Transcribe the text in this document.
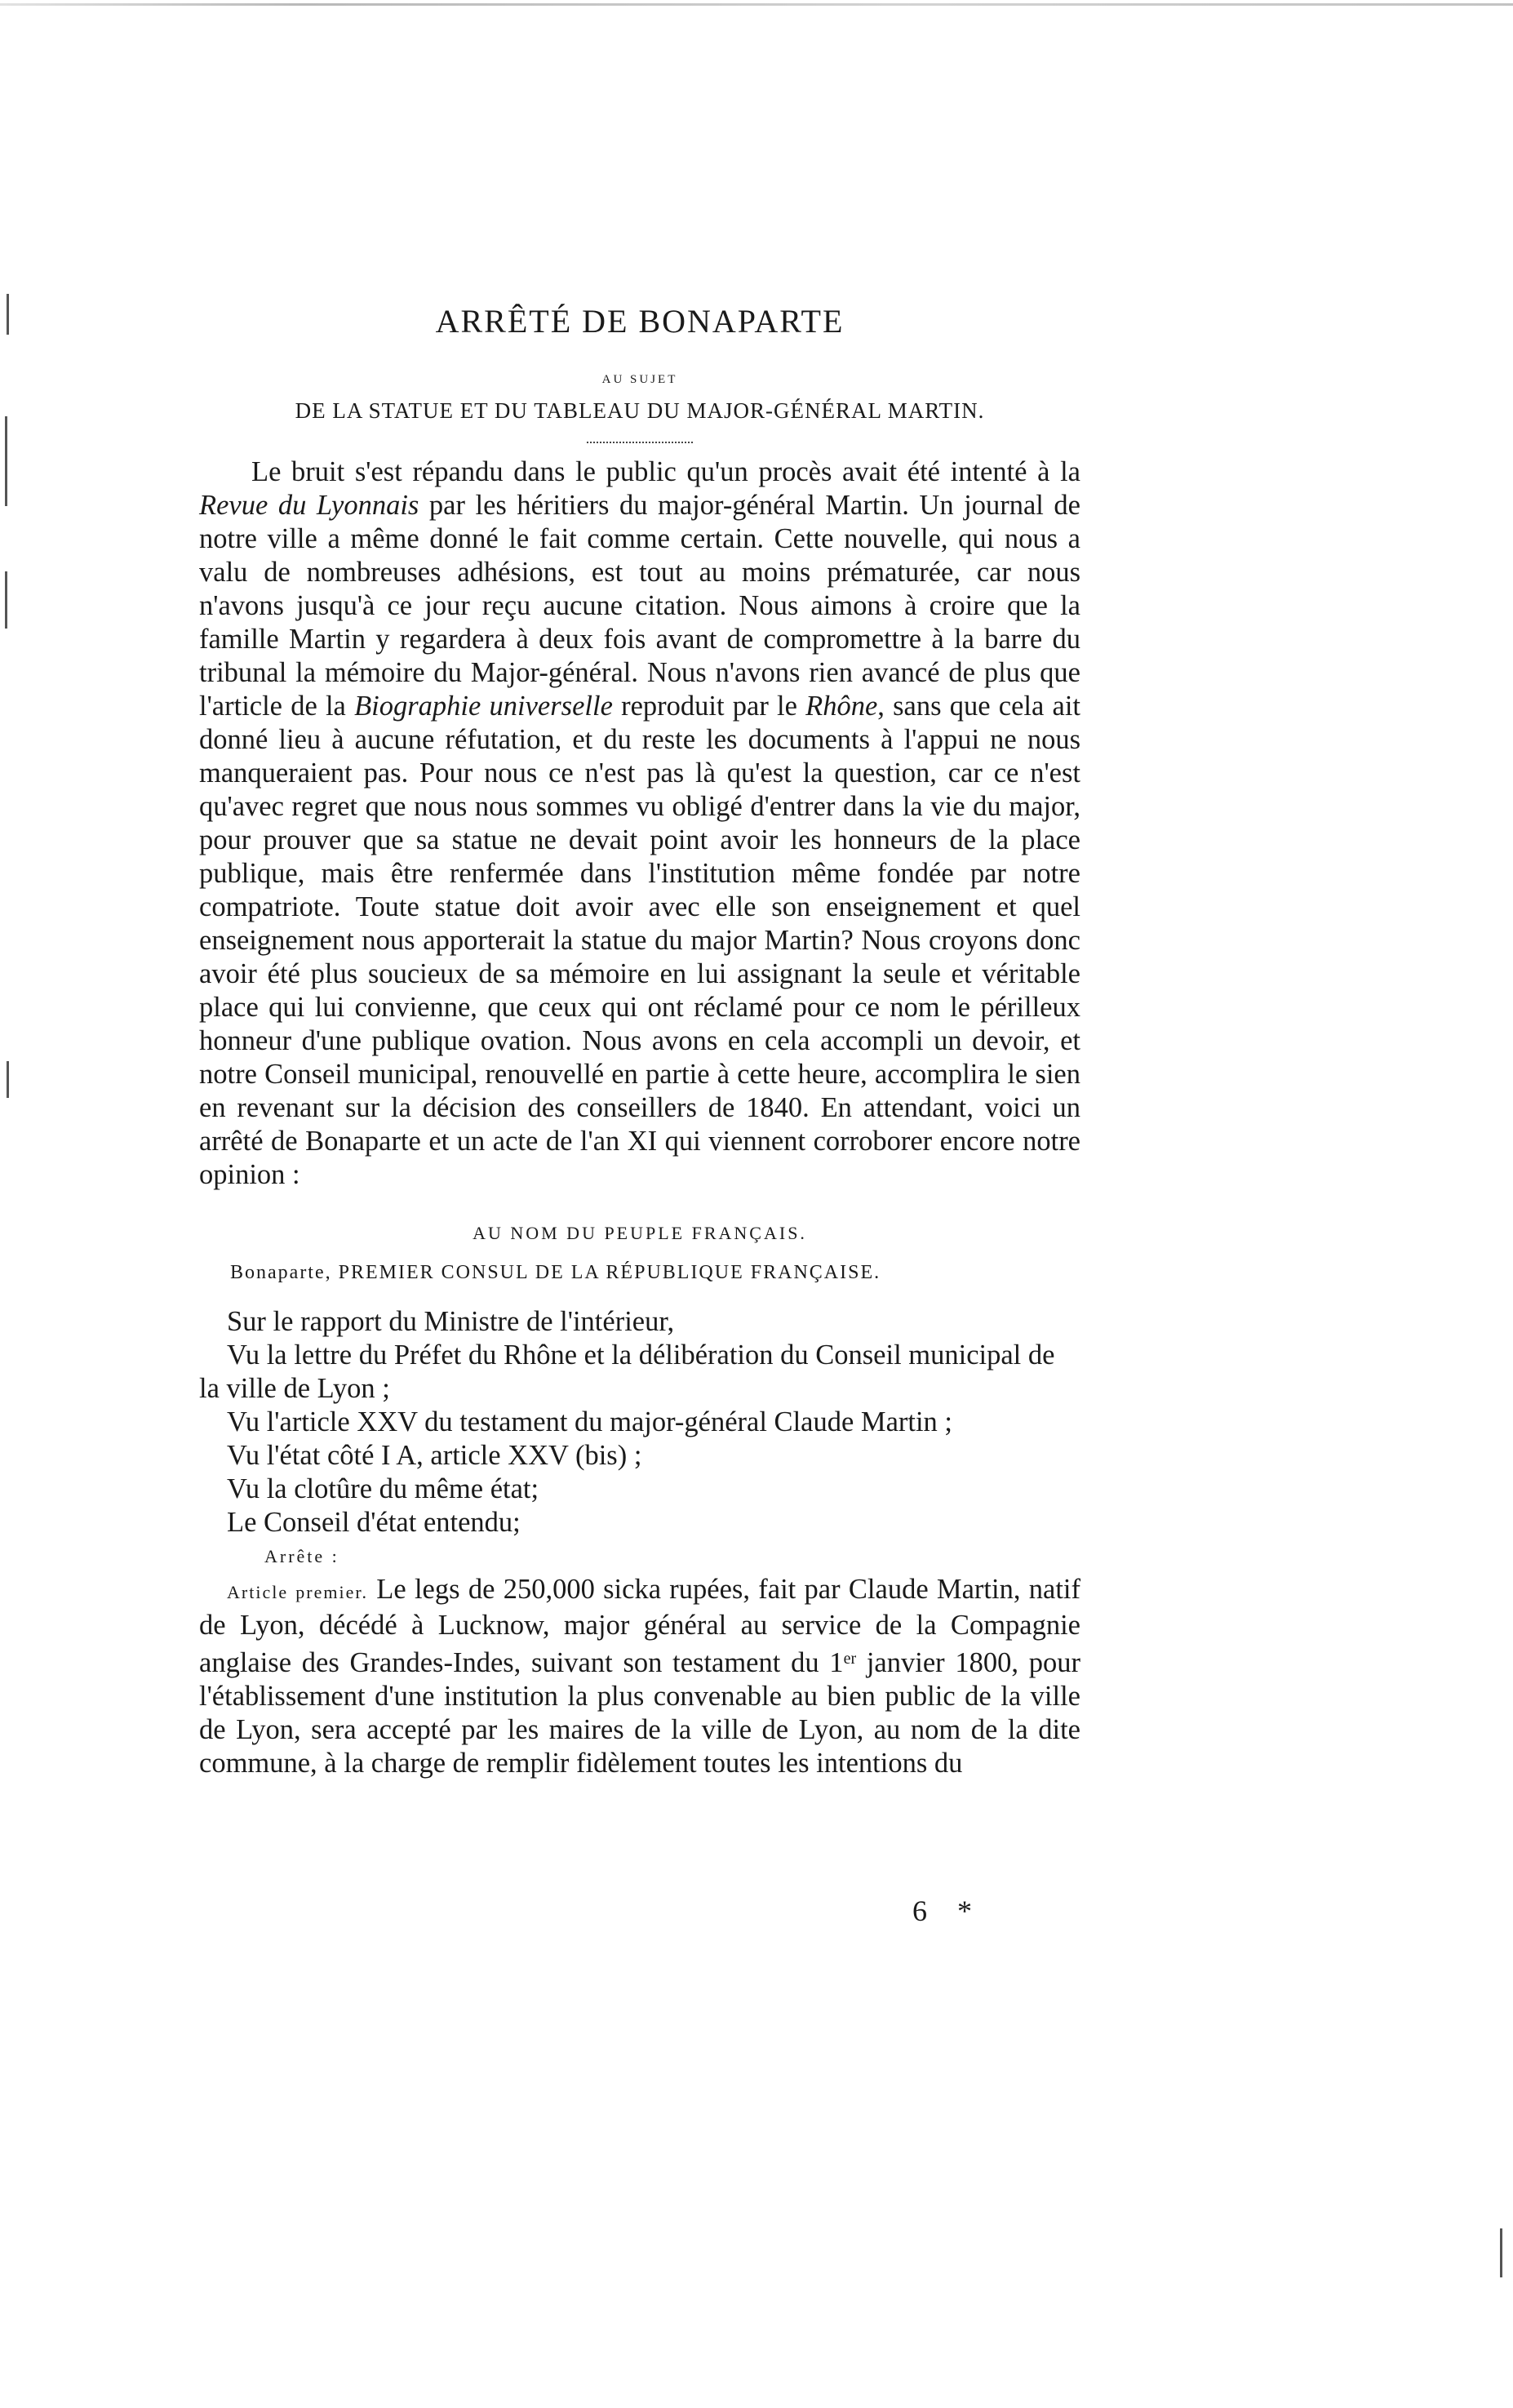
ARRÊTÉ DE BONAPARTE
AU SUJET
DE LA STATUE ET DU TABLEAU DU MAJOR-GÉNÉRAL MARTIN.

Le bruit s'est répandu dans le public qu'un procès avait été intenté à la Revue du Lyonnais par les héritiers du major-général Martin. Un journal de notre ville a même donné le fait comme certain. Cette nouvelle, qui nous a valu de nombreuses adhésions, est tout au moins prématurée, car nous n'avons jusqu'à ce jour reçu aucune citation. Nous aimons à croire que la famille Martin y regardera à deux fois avant de compromettre à la barre du tribunal la mémoire du Major-général. Nous n'avons rien avancé de plus que l'article de la Biographie universelle reproduit par le Rhône, sans que cela ait donné lieu à aucune réfutation, et du reste les documents à l'appui ne nous manqueraient pas. Pour nous ce n'est pas là qu'est la question, car ce n'est qu'avec regret que nous nous sommes vu obligé d'entrer dans la vie du major, pour prouver que sa statue ne devait point avoir les honneurs de la place publique, mais être renfermée dans l'institution même fondée par notre compatriote. Toute statue doit avoir avec elle son enseignement et quel enseignement nous apporterait la statue du major Martin? Nous croyons donc avoir été plus soucieux de sa mémoire en lui assignant la seule et véritable place qui lui convienne, que ceux qui ont réclamé pour ce nom le périlleux honneur d'une publique ovation. Nous avons en cela accompli un devoir, et notre Conseil municipal, renouvellé en partie à cette heure, accomplira le sien en revenant sur la décision des conseillers de 1840. En attendant, voici un arrêté de Bonaparte et un acte de l'an XI qui viennent corroborer encore notre opinion :

AU NOM DU PEUPLE FRANÇAIS.
Bonaparte, PREMIER CONSUL DE LA RÉPUBLIQUE FRANÇAISE.

Sur le rapport du Ministre de l'intérieur,

Vu la lettre du Préfet du Rhône et la délibération du Conseil municipal de la ville de Lyon ;

Vu l'article XXV du testament du major-général Claude Martin ;

Vu l'état côté I A, article XXV (bis) ;

Vu la clotûre du même état;

Le Conseil d'état entendu;

Arrête :

Article premier. Le legs de 250,000 sicka rupées, fait par Claude Martin, natif de Lyon, décédé à Lucknow, major général au service de la Compagnie anglaise des Grandes-Indes, suivant son testament du 1er janvier 1800, pour l'établissement d'une institution la plus convenable au bien public de la ville de Lyon, sera accepté par les maires de la ville de Lyon, au nom de la dite commune, à la charge de remplir fidèlement toutes les intentions du

6 *
